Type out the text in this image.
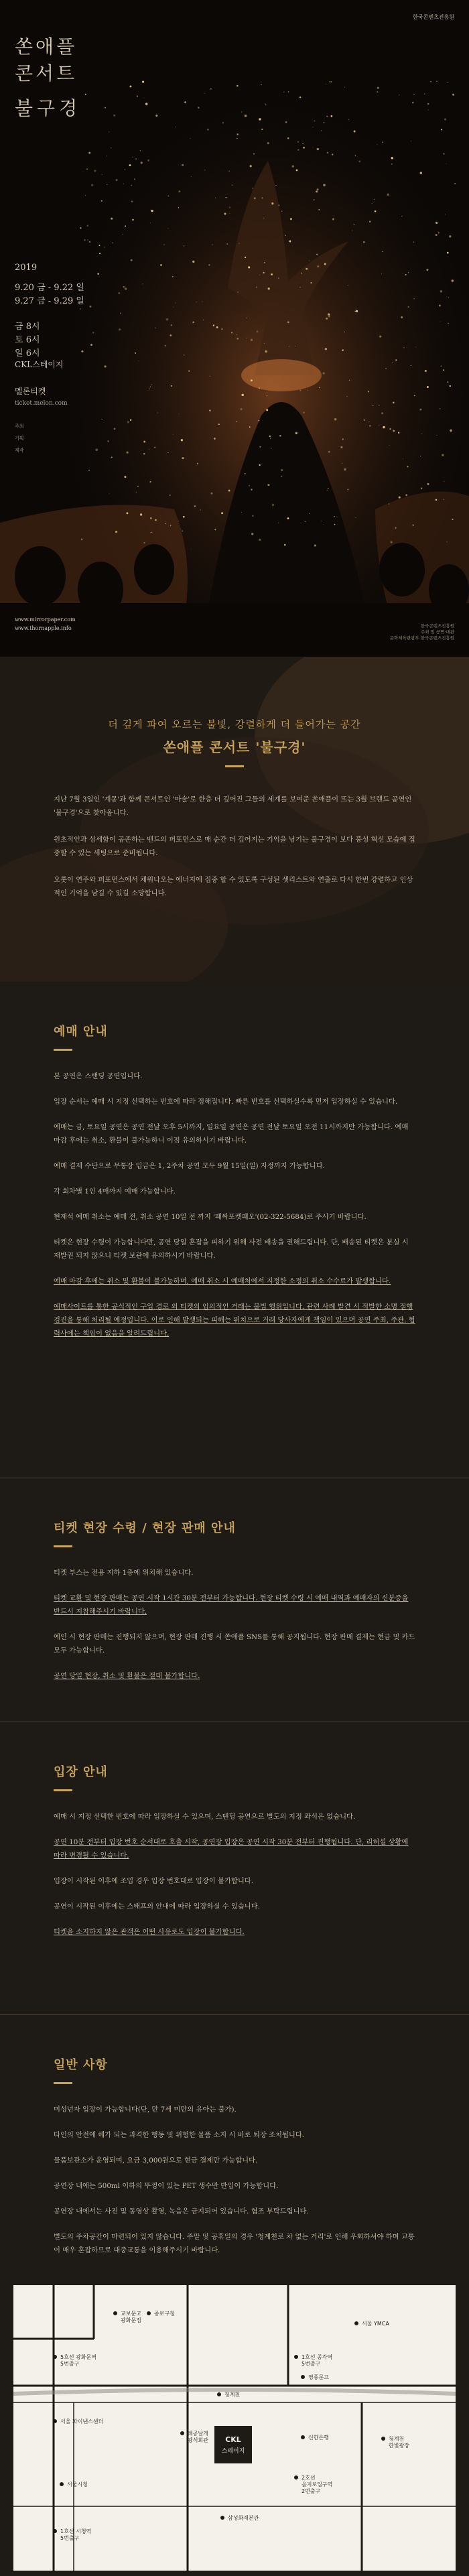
쏜애플
콘서트
불구경
2019
9.20 금 - 9.22 일
9.27 금 - 9.29 일
금 8시
토 6시
일 6시
CKL스테이지
멜론티켓
ticket.melon.com
주최
기획
제작
www.mirrorpaper.com
www.thornapple.info
한국콘텐츠진흥원
한국콘텐츠진흥원
주최 및 공연·대관
문화체육관광부 한국콘텐츠진흥원
더 깊게 파여 오르는 불빛, 강렬하게 더 들어가는 공간
쏜애플 콘서트 '불구경'

지난 7월 3일인 '계몽'과 함께 콘서트인 '마술'로 한층 더 깊어진 그들의 세계를 보여준 쏜애플이 또는 3월 브랜드 공연인 '불구경'으로 찾아옵니다.

원초적인과 섬세함이 공존하는 밴드의 퍼포먼스로 매 순간 더 깊어지는 기억을 남기는 불구경이 보다 풍성 혁신 모습에 집중할 수 있는 세팅으로 준비됩니다.

오롯이 연주와 퍼포먼스에서 채워나오는 에너지에 집중 할 수 있도록 구성된 셋리스트와 연출로 다시 한번 강렬하고 인상적인 기억을 남길 수 있길 소망합니다.

예매 안내

본 공연은 스탠딩 공연입니다.

입장 순서는 예매 시 지정 선택하는 번호에 따라 정해집니다. 빠른 번호를 선택하실수록 먼저 입장하실 수 있습니다.

예매는 금, 토요일 공연은 공연 전날 오후 5시까지, 일요일 공연은 공연 전날 토요일 오전 11시까지만 가능합니다. 예매 마감 후에는 취소, 환불이 불가능하니 이점 유의하시기 바랍니다.

예매 결제 수단으로 무통장 입금은 1, 2주차 공연 모두 9월 15일(일) 자정까지 가능합니다.

각 회차별 1인 4매까지 예매 가능합니다.

현재석 예매 취소는 예매 전, 취소 공연 10일 전 까지 '패싸포켓패오'(02-322-5684)로 주시기 바랍니다.

티켓은 현장 수령이 가능합니다만, 공연 당일 혼잡을 피하기 위해 사전 배송을 권해드립니다. 단, 배송된 티켓은 분실 시 재발권 되지 않으니 티켓 보관에 유의하시기 바랍니다.

예매 마감 후에는 취소 및 환불이 불가능하며, 예매 취소 시 예매처에서 지정한 소정의 취소 수수료가 발생합니다.

예매사이트를 통한 공식적인 구입 경로 외 티켓의 임의적인 거래는 불법 행위입니다. 관련 사례 발견 시 적발한 소명 절행검진을 통해 처리될 예정입니다. 이로 인해 발생되는 피해는 위치으로 거래 당사자에게 책임이 있으며 공연 주최, 주관, 협력사에는 책임이 없음을 알려드립니다.

티켓 현장 수령 / 현장 판매 안내

티켓 부스는 전용 지하 1층에 위치해 있습니다.

티켓 교환 및 현장 판매는 공연 시작 1시간 30분 전부터 가능합니다. 현장 티켓 수령 시 예매 내역과 예매자의 신분증을 반드시 지참해주시기 바랍니다.

예인 시 현장 판매는 진행되지 않으며, 현장 판매 진행 시 쏜애플 SNS를 통해 공지됩니다. 현장 판매 결제는 현금 및 카드 모두 가능합니다.

공연 당일 현장, 취소 및 환불은 절대 불가합니다.

입장 안내

예매 시 지정 선택한 번호에 따라 입장하실 수 있으며, 스탠딩 공연으로 별도의 지정 좌석은 없습니다.

공연 10분 전부터 입장 번호 순서대로 호출 시작, 공연장 입장은 공연 시작 30분 전부터 진행됩니다. 단, 리허설 상황에 따라 변경될 수 있습니다.

입장이 시작된 이후에 조입 경우 입장 번호대로 입장이 불가합니다.

공연이 시작된 이후에는 스태프의 안내에 따라 입장하실 수 있습니다.

티켓을 소지하지 않은 관객은 어떤 사유로도 입장이 불가합니다.

일반 사항

미성년자 입장이 가능합니다(단, 만 7세 미만의 유아는 불가).

타인의 안전에 해가 되는 과격한 행동 및 위험한 물품 소지 시 바로 퇴장 조치됩니다.

물품보관소가 운영되며, 요금 3,000원으로 현금 결제만 가능합니다.

공연장 내에는 500ml 이하의 뚜껑이 있는 PET 생수만 반입이 가능합니다.

공연장 내에서는 사진 및 동영상 촬영, 녹음은 금지되어 있습니다. 협조 부탁드립니다.

별도의 주차공간이 마련되어 있지 않습니다. 주말 및 공휴일의 경우 '청계천로 차 없는 거리'로 인해 우회하셔야 하며 교통이 매우 혼잡하므로 대중교통을 이용해주시기 바랍니다.

CKL
스테이지
교보문고
광화문점
종로구청
서울 YMCA
5호선 광화문역
5번출구
1호선 종각역
5번출구
영풍문고
청계천
서울 파이낸스센터
해공날개
광석회관	신한은행	청계천
한빛광장
서울시청
2호선
을지로입구역
2번출구
삼성화재본관
1호선 시청역
5번출구
